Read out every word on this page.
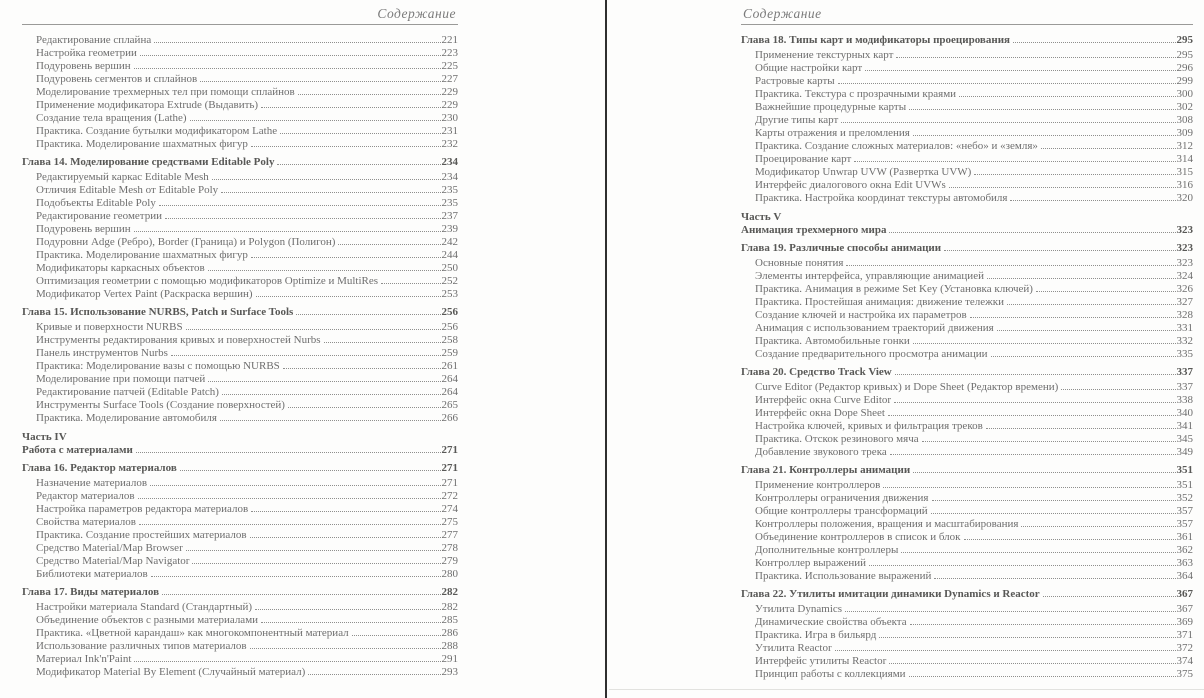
Содержание
Редактирование сплайна	221
Настройка геометрии	223
Подуровень вершин	225
Подуровень сегментов и сплайнов	227
Моделирование трехмерных тел при помощи сплайнов	229
Применение модификатора Extrude (Выдавить)	229
Создание тела вращения (Lathe)	230
Практика. Создание бутылки модификатором Lathe	231
Практика. Моделирование шахматных фигур	232
Глава 14. Моделирование средствами Editable Poly	234
Редактируемый каркас Editable Mesh	234
Отличия Editable Mesh от Editable Poly	235
Подобъекты Editable Poly	235
Редактирование геометрии	237
Подуровень вершин	239
Подуровни Adge (Ребро), Border (Граница) и Polygon (Полигон)	242
Практика. Моделирование шахматных фигур	244
Модификаторы каркасных объектов	250
Оптимизация геометрии с помощью модификаторов Optimize и MultiRes	252
Модификатор Vertex Paint (Раскраска вершин)	253
Глава 15. Использование NURBS, Patch и Surface Tools	256
Кривые и поверхности NURBS	256
Инструменты редактирования кривых и поверхностей Nurbs	258
Панель инструментов Nurbs	259
Практика: Моделирование вазы с помощью NURBS	261
Моделирование при помощи патчей	264
Редактирование патчей (Editable Patch)	264
Инструменты Surface Tools (Создание поверхностей)	265
Практика. Моделирование автомобиля	266
Часть IV
Работа с материалами	271
Глава 16. Редактор материалов	271
Назначение материалов	271
Редактор материалов	272
Настройка параметров редактора материалов	274
Свойства материалов	275
Практика. Создание простейших материалов	277
Средство Material/Map Browser	278
Средство Material/Map Navigator	279
Библиотеки материалов	280
Глава 17. Виды материалов	282
Настройки материала Standard (Стандартный)	282
Объединение объектов с разными материалами	285
Практика. «Цветной карандаш» как многокомпонентный материал	286
Использование различных типов материалов	288
Материал Ink'n'Paint	291
Модификатор Material By Element (Случайный материал)	293
Содержание
Глава 18. Типы карт и модификаторы проецирования	295
Применение текстурных карт	295
Общие настройки карт	296
Растровые карты	299
Практика. Текстура с прозрачными краями	300
Важнейшие процедурные карты	302
Другие типы карт	308
Карты отражения и преломления	309
Практика. Создание сложных материалов: «небо» и «земля»	312
Проецирование карт	314
Модификатор Unwrap UVW (Развертка UVW)	315
Интерфейс диалогового окна Edit UVWs	316
Практика. Настройка координат текстуры автомобиля	320
Часть V
Анимация трехмерного мира	323
Глава 19. Различные способы анимации	323
Основные понятия	323
Элементы интерфейса, управляющие анимацией	324
Практика. Анимация в режиме Set Key (Установка ключей)	326
Практика. Простейшая анимация: движение тележки	327
Создание ключей и настройка их параметров	328
Анимация с использованием траекторий движения	331
Практика. Автомобильные гонки	332
Создание предварительного просмотра анимации	335
Глава 20. Средство Track View	337
Curve Editor (Редактор кривых) и Dope Sheet (Редактор времени)	337
Интерфейс окна Curve Editor	338
Интерфейс окна Dope Sheet	340
Настройка ключей, кривых и фильтрация треков	341
Практика. Отскок резинового мяча	345
Добавление звукового трека	349
Глава 21. Контроллеры анимации	351
Применение контроллеров	351
Контроллеры ограничения движения	352
Общие контроллеры трансформаций	357
Контроллеры положения, вращения и масштабирования	357
Объединение контроллеров в список и блок	361
Дополнительные контроллеры	362
Контроллер выражений	363
Практика. Использование выражений	364
Глава 22. Утилиты имитации динамики Dynamics и Reactor	367
Утилита Dynamics	367
Динамические свойства объекта	369
Практика. Игра в бильярд	371
Утилита Reactor	372
Интерфейс утилиты Reactor	374
Принцип работы с коллекциями	375
